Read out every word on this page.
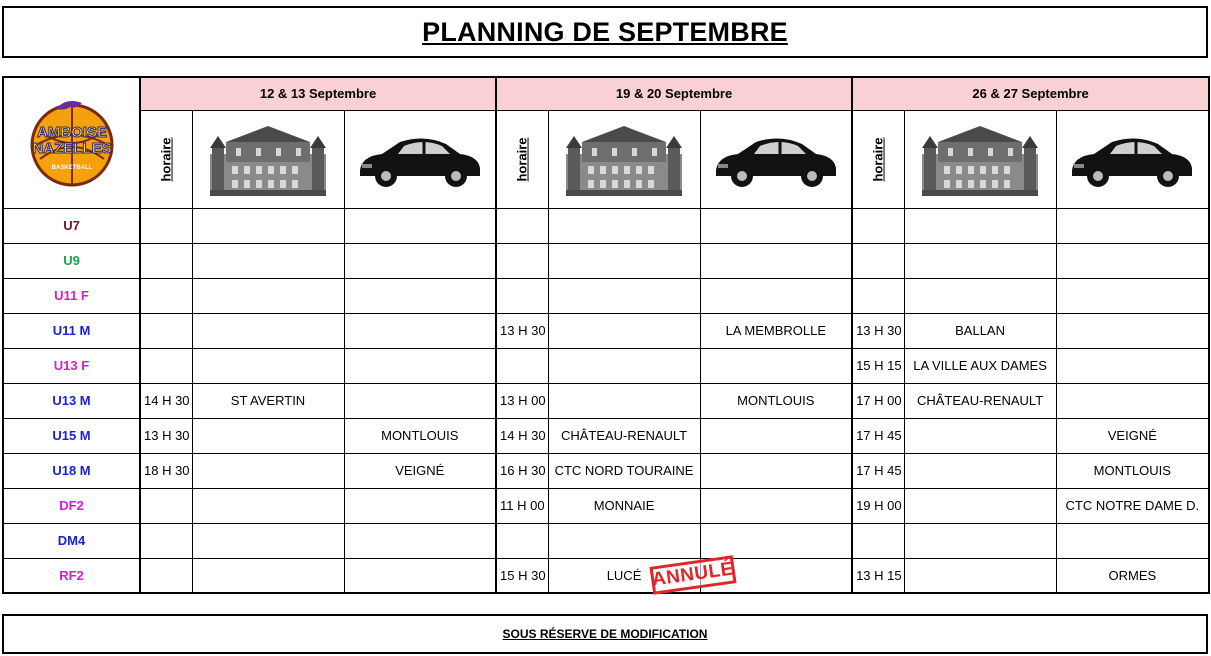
PLANNING DE SEPTEMBRE
AMBOISE
NAZELLES
BASKETBALL	12 & 13 Septembre			19 & 20 Septembre			26 & 27 Septembre		
	horaire			horaire			horaire		
U7									
U9									
U11 F									
U11 M				13 H 30		LA MEMBROLLE	13 H 30	BALLAN	
U13 F							15 H 15	LA VILLE AUX DAMES	
U13 M	14 H 30	ST AVERTIN		13 H 00		MONTLOUIS	17 H 00	CHÂTEAU-RENAULT	
U15 M	13 H 30		MONTLOUIS	14 H 30	CHÂTEAU-RENAULT		17 H 45		VEIGNÉ
U18 M	18 H 30		VEIGNÉ	16 H 30	CTC NORD TOURAINE		17 H 45		MONTLOUIS
DF2				11 H 00	MONNAIE		19 H 00		CTC NOTRE DAME D.
DM4									
RF2				15 H 30	LUCÉ		13 H 15		ORMES
ANNULÉ
SOUS RÉSERVE DE MODIFICATION
